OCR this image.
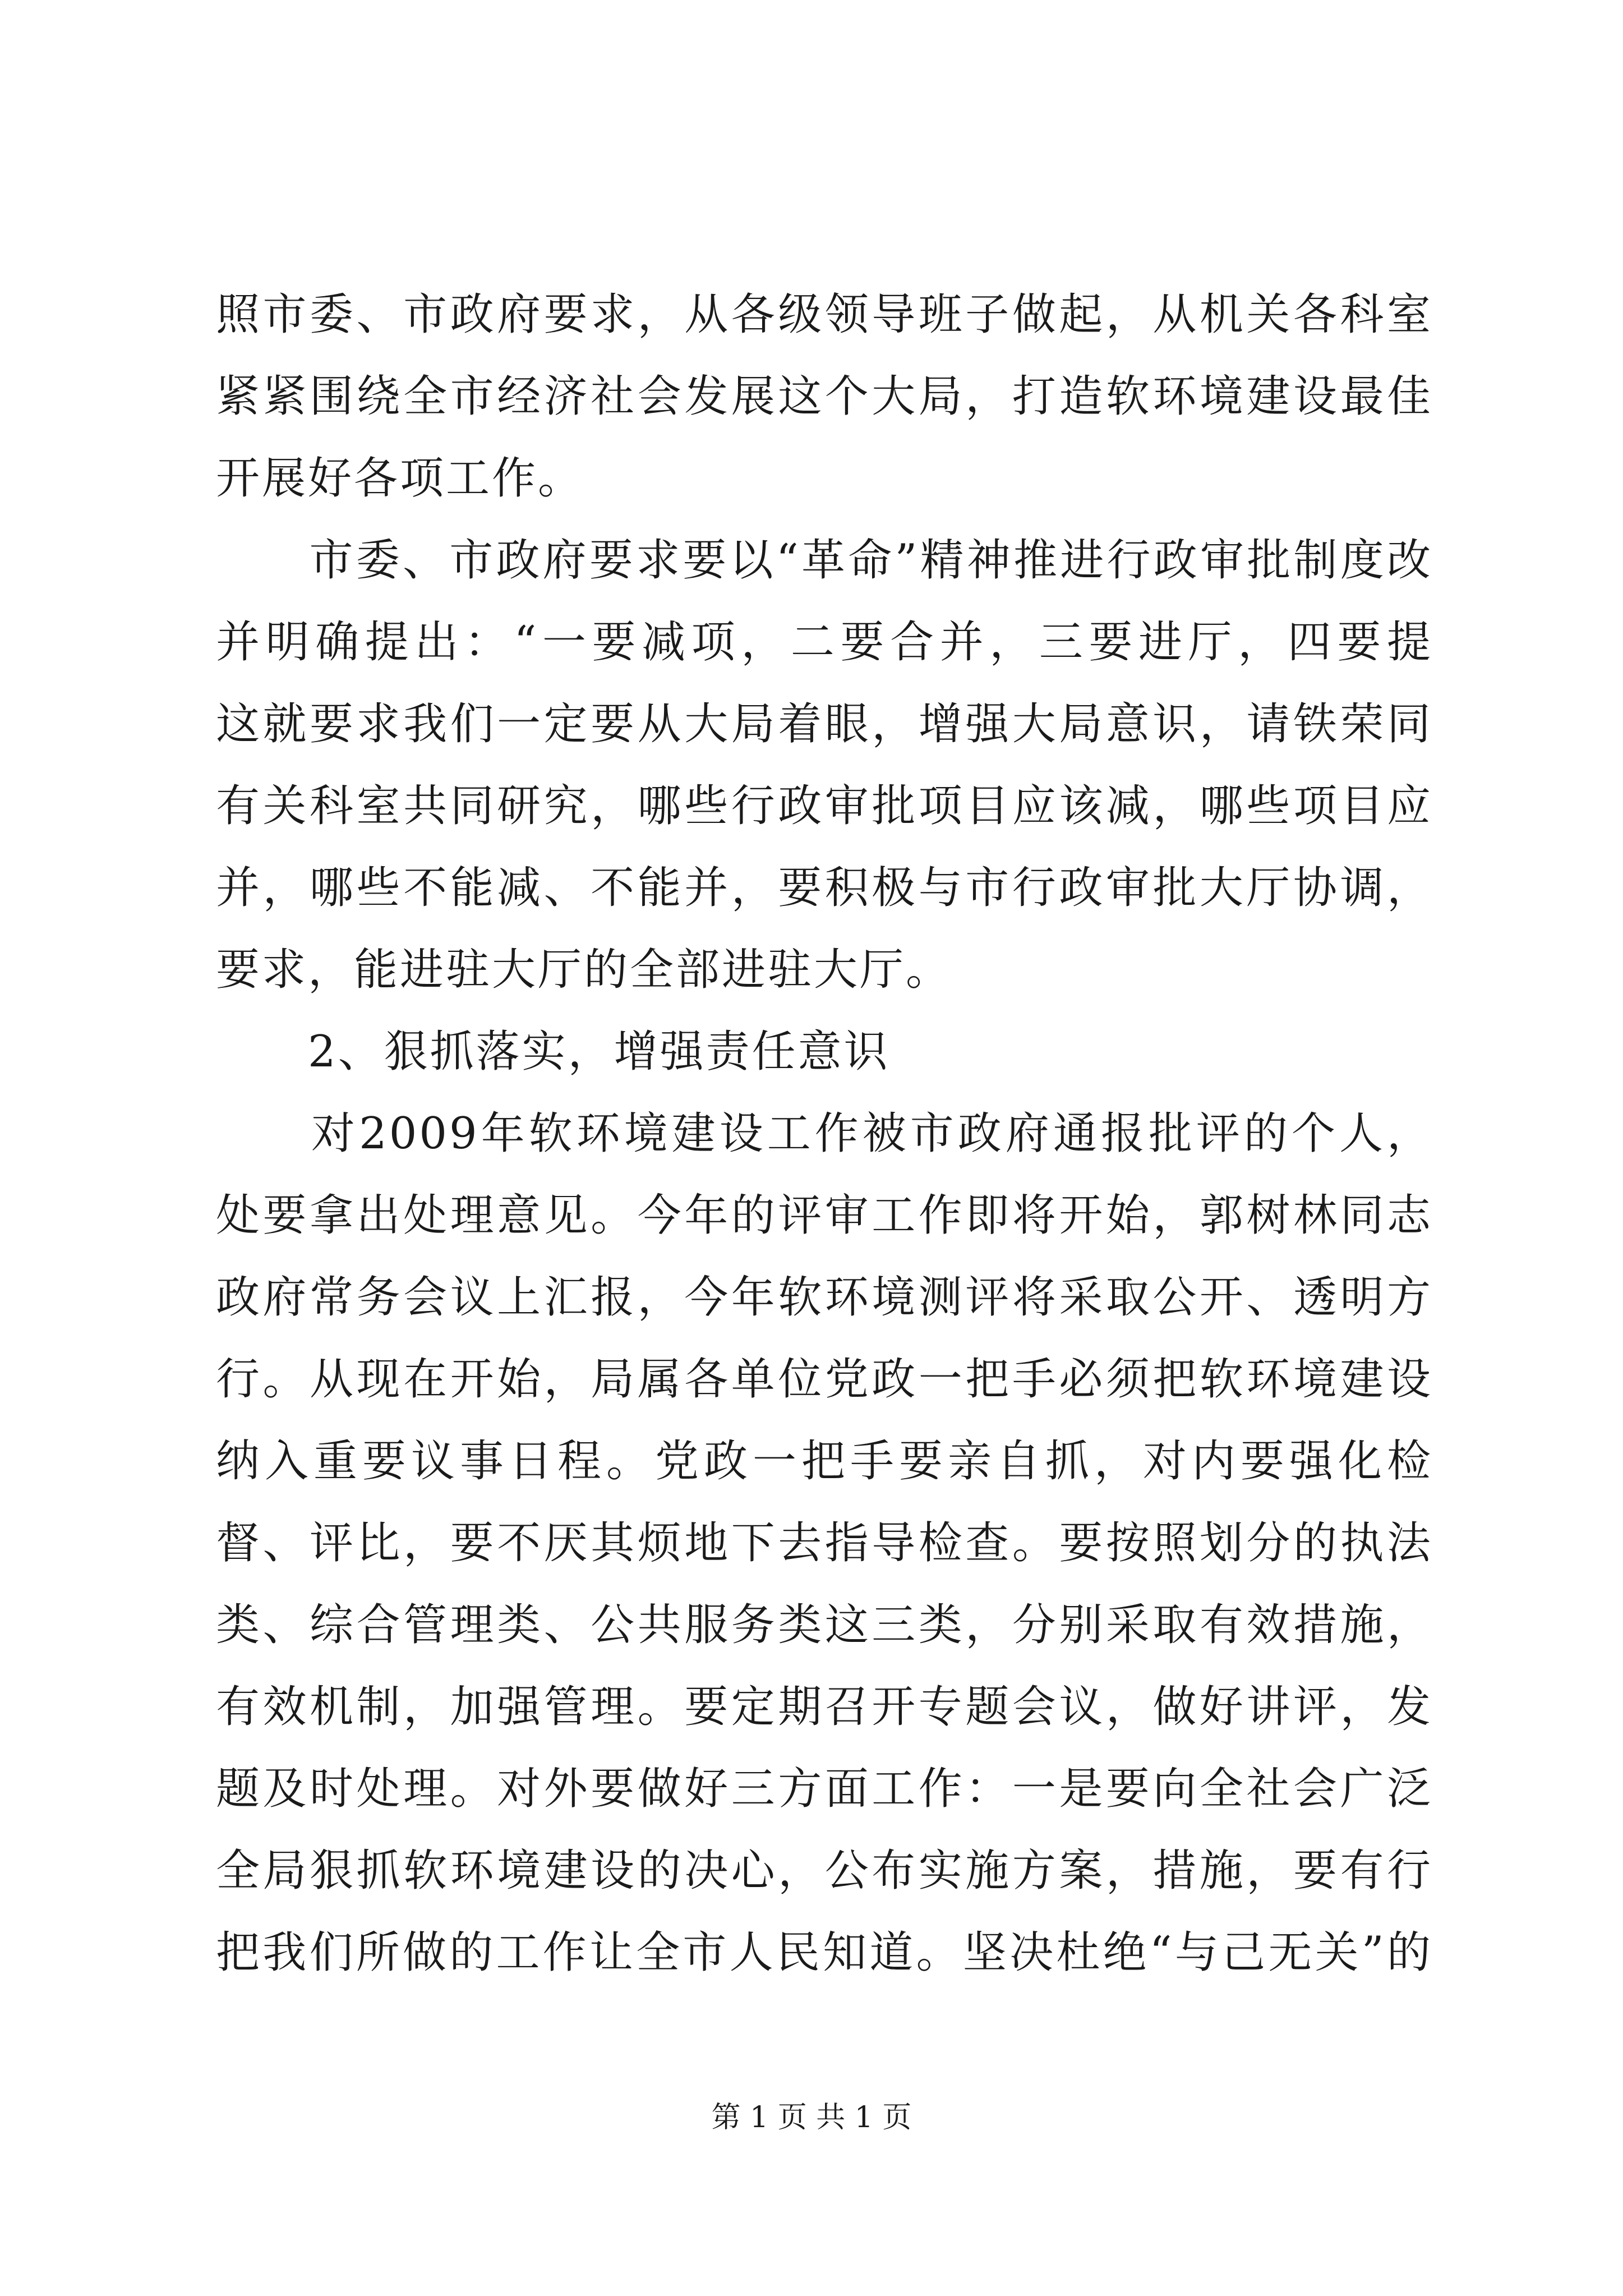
照市委、市政府要求，从各级领导班子做起，从机关各科室
紧紧围绕全市经济社会发展这个大局，打造软环境建设最佳
开展好各项工作。
　　市委、市政府要求要以“革命”精神推进行政审批制度改
并明确提出：“一要减项，二要合并，三要进厅，四要提
这就要求我们一定要从大局着眼，增强大局意识，请铁荣同
有关科室共同研究，哪些行政审批项目应该减，哪些项目应
并，哪些不能减、不能并，要积极与市行政审批大厅协调，
要求，能进驻大厅的全部进驻大厅。
　　2、狠抓落实，增强责任意识
　　对2009年软环境建设工作被市政府通报批评的个人，
处要拿出处理意见。今年的评审工作即将开始，郭树林同志
政府常务会议上汇报，今年软环境测评将采取公开、透明方
行。从现在开始，局属各单位党政一把手必须把软环境建设
纳入重要议事日程。党政一把手要亲自抓，对内要强化检
督、评比，要不厌其烦地下去指导检查。要按照划分的执法
类、综合管理类、公共服务类这三类，分别采取有效措施，
有效机制，加强管理。要定期召开专题会议，做好讲评，发
题及时处理。对外要做好三方面工作：一是要向全社会广泛
全局狠抓软环境建设的决心，公布实施方案，措施，要有行
把我们所做的工作让全市人民知道。坚决杜绝“与己无关”的
第 1 页 共 1 页
